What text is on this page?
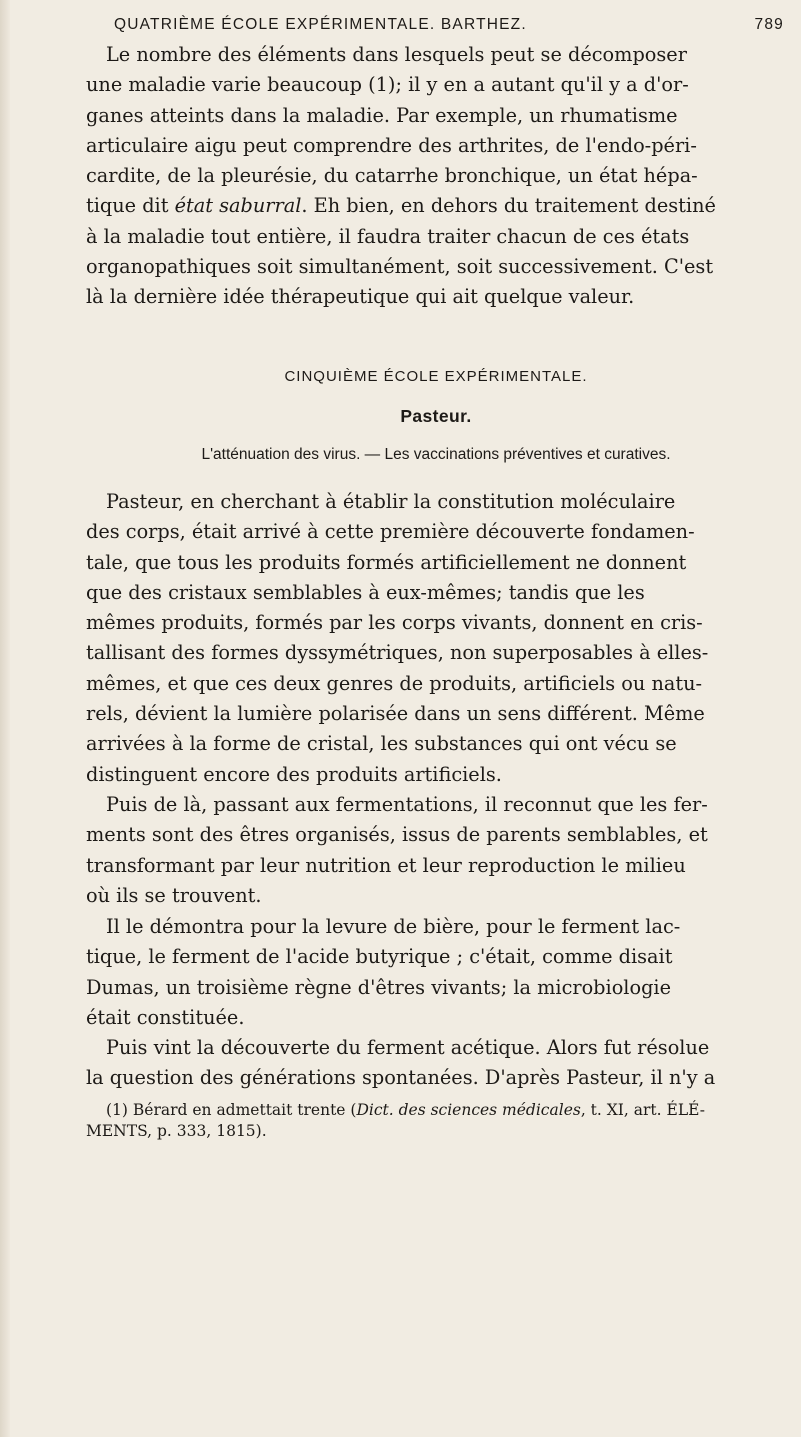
QUATRIÈME ÉCOLE EXPÉRIMENTALE. BARTHEZ.	789

Le nombre des éléments dans lesquels peut se décomposer
une maladie varie beaucoup (1); il y en a autant qu'il y a d'or-
ganes atteints dans la maladie. Par exemple, un rhumatisme
articulaire aigu peut comprendre des arthrites, de l'endo-péri-
cardite, de la pleurésie, du catarrhe bronchique, un état hépa-
tique dit état saburral. Eh bien, en dehors du traitement destiné
à la maladie tout entière, il faudra traiter chacun de ces états
organopathiques soit simultanément, soit successivement. C'est
là la dernière idée thérapeutique qui ait quelque valeur.

CINQUIÈME ÉCOLE EXPÉRIMENTALE.
Pasteur.
L'atténuation des virus. — Les vaccinations préventives et curatives.

Pasteur, en cherchant à établir la constitution moléculaire
des corps, était arrivé à cette première découverte fondamen-
tale, que tous les produits formés artificiellement ne donnent
que des cristaux semblables à eux-mêmes; tandis que les
mêmes produits, formés par les corps vivants, donnent en cris-
tallisant des formes dyssymétriques, non superposables à elles-
mêmes, et que ces deux genres de produits, artificiels ou natu-
rels, dévient la lumière polarisée dans un sens différent. Même
arrivées à la forme de cristal, les substances qui ont vécu se
distinguent encore des produits artificiels.

Puis de là, passant aux fermentations, il reconnut que les fer-
ments sont des êtres organisés, issus de parents semblables, et
transformant par leur nutrition et leur reproduction le milieu
où ils se trouvent.

Il le démontra pour la levure de bière, pour le ferment lac-
tique, le ferment de l'acide butyrique ; c'était, comme disait
Dumas, un troisième règne d'êtres vivants; la microbiologie
était constituée.

Puis vint la découverte du ferment acétique. Alors fut résolue
la question des générations spontanées. D'après Pasteur, il n'y a

(1) Bérard en admettait trente (Dict. des sciences médicales, t. XI, art. ÉLÉ-
MENTS, p. 333, 1815).
